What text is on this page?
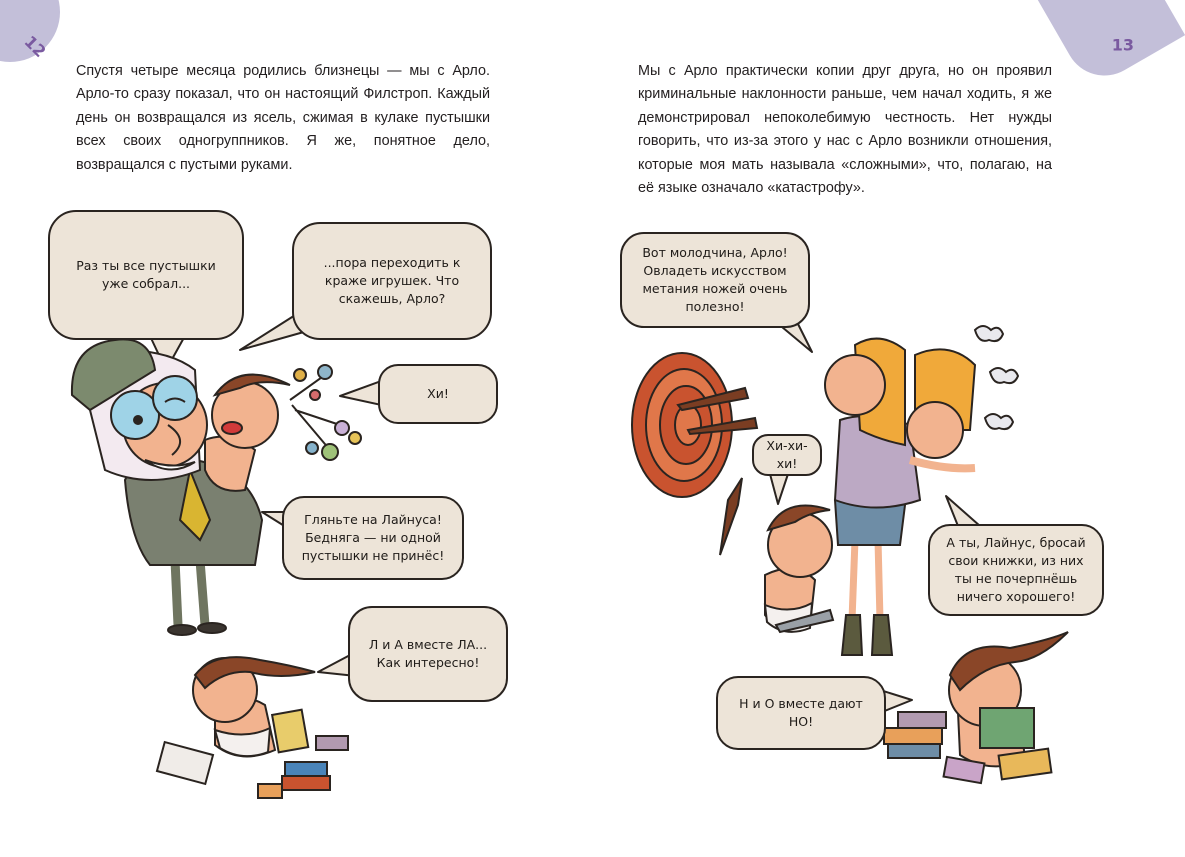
12	13

Спустя четыре месяца родились близнецы — мы с Арло. Арло-то сразу показал, что он настоящий Филстроп. Каждый день он возвращался из ясель, сжимая в кулаке пустышки всех своих одногруппников. Я же, понятное дело, возвращался с пустыми руками.

Мы с Арло практически копии друг друга, но он проявил криминальные наклонности раньше, чем начал ходить, я же демонстрировал непоколебимую честность. Нет нужды говорить, что из-за этого у нас с Арло возникли отношения, которые моя мать называла «сложными», что, полагаю, на её языке означало «катастрофу».

Раз ты все пустышки уже собрал...
...пора переходить к краже игрушек. Что скажешь, Арло?
Хи!
Гляньте на Лайнуса! Бедняга — ни одной пустышки не принёс!
Л и А вместе ЛА... Как интересно!
Вот молодчина, Арло! Овладеть искусством метания ножей очень полезно!
Хи-хи-хи!
А ты, Лайнус, бросай свои книжки, из них ты не почерпнёшь ничего хорошего!
Н и О вместе дают НО!
